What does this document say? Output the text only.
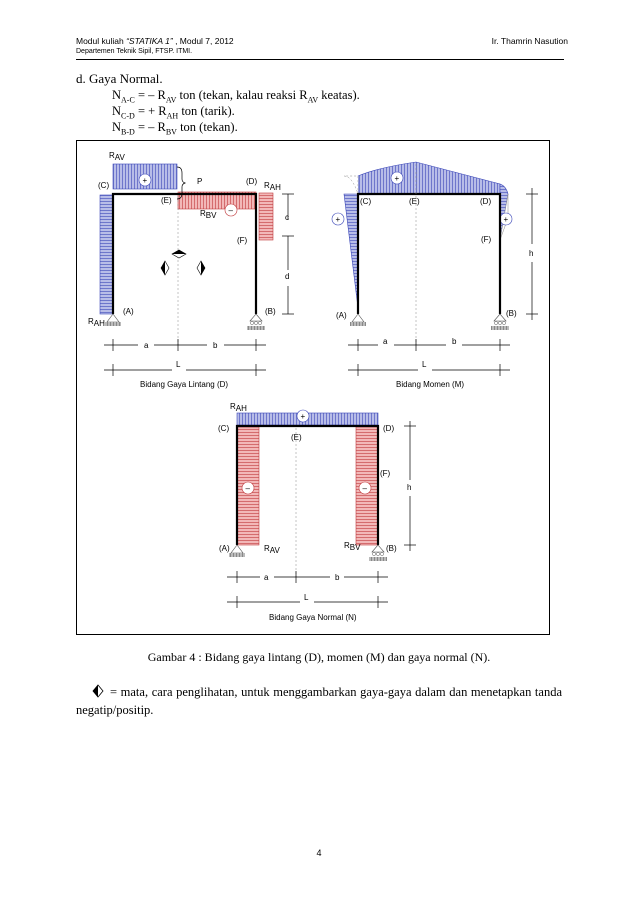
Modul kuliah “STATIKA 1” , Modul 7, 2012
Departemen Teknik Sipil, FTSP. ITMI.
Ir. Thamrin Nasution
d. Gaya Normal.
$N_{A-C}$ = – $R_{AV}$ ton (tekan, kalau reaksi $R_{AV}$ keatas).
$N_{C-D}$ = + $R_{AH}$ ton (tarik).
$N_{B-D}$ = – $R_{BV}$ ton (tekan).
RAV
+
–
P
(C)
(E)
(D) RAH
RBV
(F)
(A)	(B)
RAH
c
d
a	b
L
Bidang Gaya Lintang (D)
+
+	+
(C)	(E)	(D)
(F)
(A)	(B)
h
a	b
L
Bidang Momen (M)
RAH
+
–	–
(C)
(E)
(D)
(F)
(A)	(B)
RAV
RBV
h
a	b
L
Bidang Gaya Normal (N)
Gambar 4 : Bidang gaya lintang (D), momen (M) dan gaya normal (N).
= mata, cara penglihatan, untuk menggambarkan gaya-gaya dalam dan menetapkan tanda negatip/positip.
4
